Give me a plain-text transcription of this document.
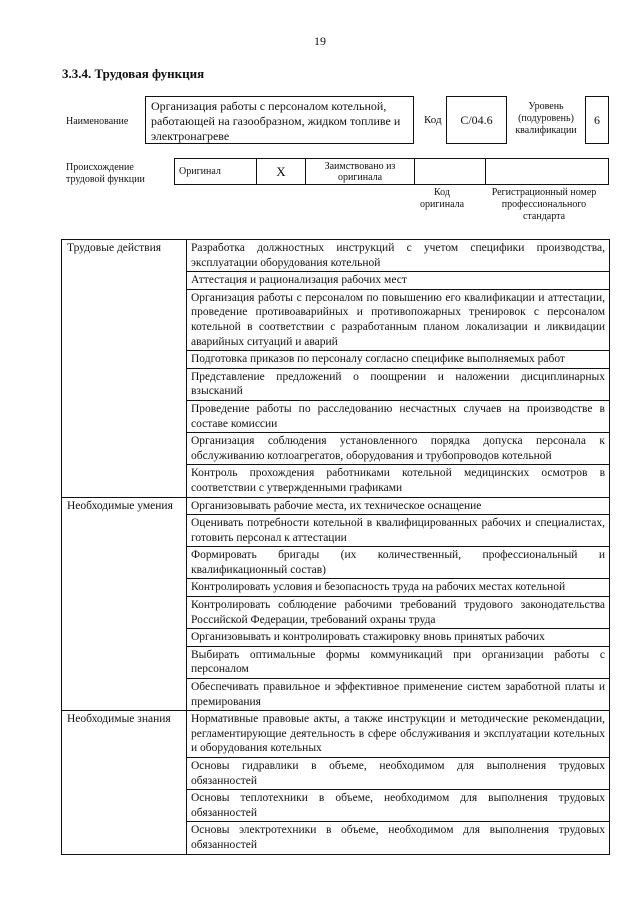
19
3.3.4. Трудовая функция
Наименование
Организация работы с персоналом котельной, работающей на газообразном, жидком топливе и электронагреве
Код	С/04.6
Уровень (подуровень) квалификации
6
Происхождение трудовой функции
Оригинал	X	Заимствовано из оригинала		
Код оригинала
Регистрационный номер профессионального стандарта
Трудовые действия	Разработка должностных инструкций с учетом специфики производства, эксплуатации оборудования котельной
	Аттестация и рационализация рабочих мест
	Организация работы с персоналом по повышению его квалификации и аттестации, проведение противоаварийных и противопожарных тренировок с персоналом котельной в соответствии с разработанным планом локализации и ликвидации аварийных ситуаций и аварий
	Подготовка приказов по персоналу согласно специфике выполняемых работ
	Представление предложений о поощрении и наложении дисциплинарных взысканий
	Проведение работы по расследованию несчастных случаев на производстве в составе комиссии
	Организация соблюдения установленного порядка допуска персонала к обслуживанию котлоагрегатов, оборудования и трубопроводов котельной
	Контроль прохождения работниками котельной медицинских осмотров в соответствии с утвержденными графиками
Необходимые умения	Организовывать рабочие места, их техническое оснащение
	Оценивать потребности котельной в квалифицированных рабочих и специалистах, готовить персонал к аттестации
	Формировать бригады (их количественный, профессиональный и квалификационный состав)
	Контролировать условия и безопасность труда на рабочих местах котельной
	Контролировать соблюдение рабочими требований трудового законодательства Российской Федерации, требований охраны труда
	Организовывать и контролировать стажировку вновь принятых рабочих
	Выбирать оптимальные формы коммуникаций при организации работы с персоналом
	Обеспечивать правильное и эффективное применение систем заработной платы и премирования
Необходимые знания	Нормативные правовые акты, а также инструкции и методические рекомендации, регламентирующие деятельность в сфере обслуживания и эксплуатации котельных и оборудования котельных
	Основы гидравлики в объеме, необходимом для выполнения трудовых обязанностей
	Основы теплотехники в объеме, необходимом для выполнения трудовых обязанностей
	Основы электротехники в объеме, необходимом для выполнения трудовых обязанностей
